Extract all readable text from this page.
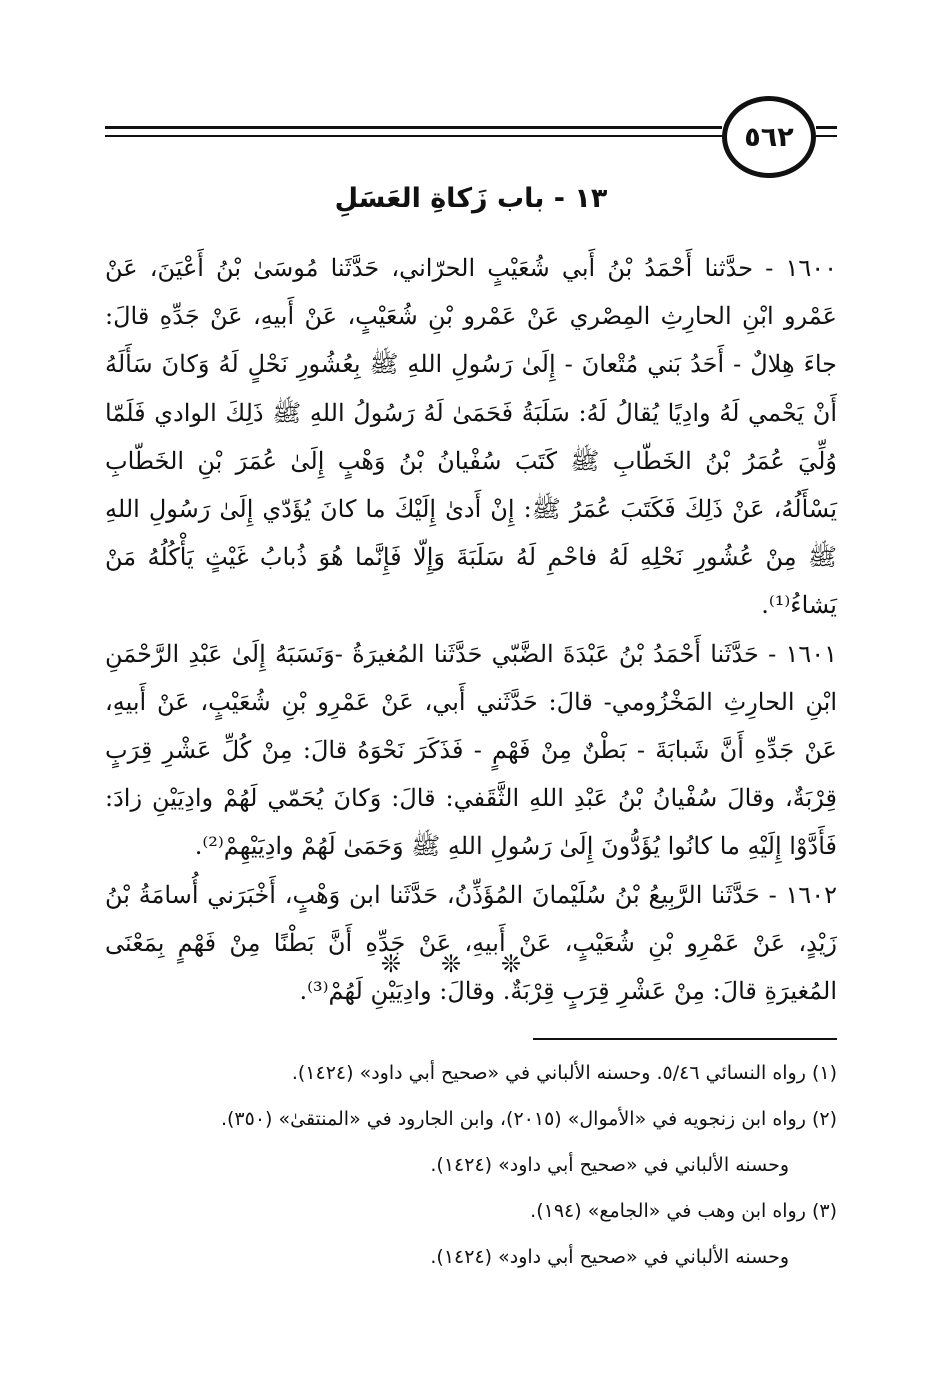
٥٦٢
١٣ - باب زَكاةِ العَسَلِ

١٦٠٠ - حدَّثنا أَحْمَدُ بْنُ أَبي شُعَيْبٍ الحرّاني، حَدَّثَنا مُوسَىٰ بْنُ أَعْيَنَ، عَنْ عَمْرو ابْنِ الحارِثِ المِصْري عَنْ عَمْرو بْنِ شُعَيْبٍ، عَنْ أَبيهِ، عَنْ جَدِّهِ قالَ: جاءَ هِلالٌ - أَحَدُ بَني مُتْعانَ - إِلَىٰ رَسُولِ اللهِ ﷺ بِعُشُورِ نَحْلٍ لَهُ وَكانَ سَأَلَهُ أَنْ يَحْمي لَهُ وادِيًا يُقالُ لَهُ: سَلَبَةُ فَحَمَىٰ لَهُ رَسُولُ اللهِ ﷺ ذَلِكَ الوادي فَلَمّا وُلِّيَ عُمَرُ بْنُ الخَطّابِ ﷺ كَتَبَ سُفْيانُ بْنُ وَهْبٍ إِلَىٰ عُمَرَ بْنِ الخَطّابِ يَسْأَلُهُ، عَنْ ذَلِكَ فَكَتَبَ عُمَرُ ﷺ: إِنْ أَدىٰ إِلَيْكَ ما كانَ يُؤَدّي إِلَىٰ رَسُولِ اللهِ ﷺ مِنْ عُشُورِ نَحْلِهِ لَهُ فاحْمِ لَهُ سَلَبَةَ وَإِلّا فَإِنَّما هُوَ ذُبابُ غَيْثٍ يَأْكُلُهُ مَنْ يَشاءُ⁽¹⁾.

١٦٠١ - حَدَّثَنا أَحْمَدُ بْنُ عَبْدَةَ الضَّبّي حَدَّثَنا المُغيرَةُ -وَنَسَبَهُ إِلَىٰ عَبْدِ الرَّحْمَنِ ابْنِ الحارِثِ المَخْزُومي- قالَ: حَدَّثَني أَبي، عَنْ عَمْرِو بْنِ شُعَيْبٍ، عَنْ أَبيهِ، عَنْ جَدِّهِ أَنَّ شَبابَةَ - بَطْنٌ مِنْ فَهْمٍ - فَذَكَرَ نَحْوَهُ قالَ: مِنْ كُلِّ عَشْرِ قِرَبٍ قِرْبَةٌ، وقالَ سُفْيانُ بْنُ عَبْدِ اللهِ الثَّقَفي: قالَ: وَكانَ يُحَمّي لَهُمْ وادِيَيْنِ زادَ: فَأَدَّوْا إِلَيْهِ ما كانُوا يُؤَدُّونَ إِلَىٰ رَسُولِ اللهِ ﷺ وَحَمَىٰ لَهُمْ وادِيَيْهِمْ⁽²⁾.

١٦٠٢ - حَدَّثَنا الرَّبِيعُ بْنُ سُلَيْمانَ المُؤَذِّنُ، حَدَّثَنا ابن وَهْبٍ، أَخْبَرَني أُسامَةُ بْنُ زَيْدٍ، عَنْ عَمْرِو بْنِ شُعَيْبٍ، عَنْ أَبيهِ، عَنْ جَدِّهِ أَنَّ بَطْنًا مِنْ فَهْمٍ بِمَعْنَى المُغيرَةِ قالَ: مِنْ عَشْرِ قِرَبٍ قِرْبَةٌ. وقالَ: وادِيَيْنِ لَهُمْ⁽³⁾.

❊❊❊

(١) رواه النسائي ٥/٤٦. وحسنه الألباني في «صحيح أبي داود» (١٤٢٤).

(٢) رواه ابن زنجويه في «الأموال» (٢٠١٥)، وابن الجارود في «المنتقىٰ» (٣٥٠).

وحسنه الألباني في «صحيح أبي داود» (١٤٢٤).

(٣) رواه ابن وهب في «الجامع» (١٩٤).

وحسنه الألباني في «صحيح أبي داود» (١٤٢٤).
